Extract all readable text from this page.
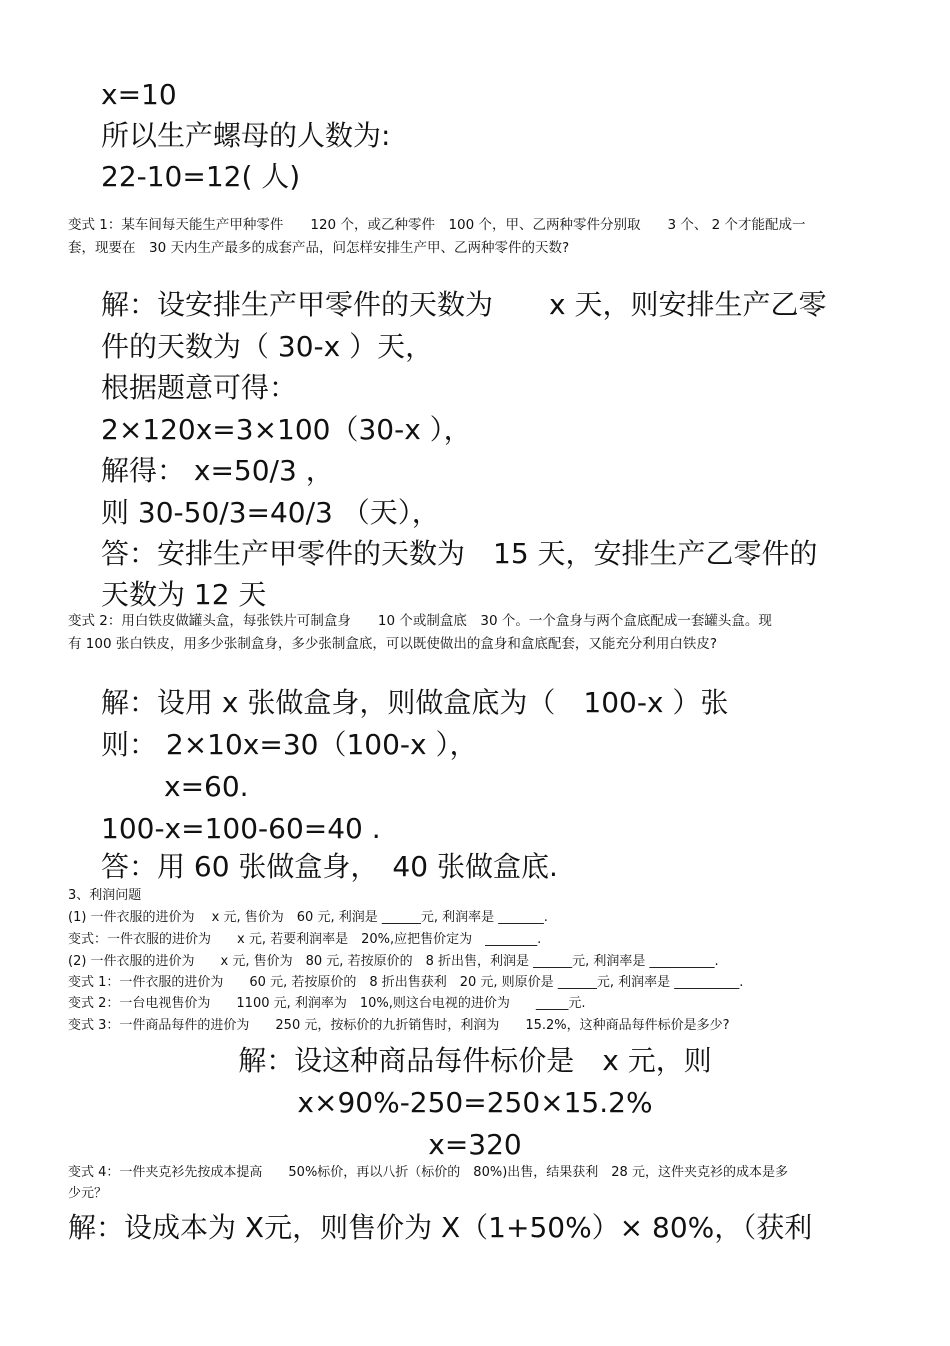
x=10
所以生产螺母的人数为:
22-10=12( 人)
变式 1：某车间每天能生产甲种零件　　120 个，或乙种零件　100 个，甲、乙两种零件分别取　　3 个、 2 个才能配成一
套，现要在　30 天内生产最多的成套产品，问怎样安排生产甲、乙两种零件的天数?
解：设安排生产甲零件的天数为　　x 天，则安排生产乙零
件的天数为（ 30-x ）天，
根据题意可得：
2×120x=3×100（30-x ），
解得： x=50/3 ，
则 30-50/3=40/3 （天），
答：安排生产甲零件的天数为　15 天，安排生产乙零件的
天数为 12 天
变式 2：用白铁皮做罐头盒，每张铁片可制盒身　　10 个或制盒底　30 个。一个盒身与两个盒底配成一套罐头盒。现
有 100 张白铁皮，用多少张制盒身，多少张制盒底，可以既使做出的盒身和盒底配套，又能充分利用白铁皮?
解：设用 x 张做盒身，则做盒底为（　100-x ）张
则： 2×10x=30（100-x ），
x=60.
100-x=100-60=40 .
答：用 60 张做盒身，　40 张做盒底.
3、利润问题
(1) 一件衣服的进价为　 x 元, 售价为　60 元, 利润是 ______元, 利润率是 _______.
变式：一件衣服的进价为　　x 元, 若要利润率是　20%,应把售价定为　________.
(2) 一件衣服的进价为　　x 元, 售价为　80 元, 若按原价的　8 折出售，利润是 ______元, 利润率是 __________.
变式 1：一件衣服的进价为　　60 元, 若按原价的　8 折出售获利　20 元, 则原价是 ______元, 利润率是 __________.
变式 2：一台电视售价为　　1100 元, 利润率为　10%,则这台电视的进价为　　_____元.
变式 3：一件商品每件的进价为　　250 元，按标价的九折销售时，利润为　　15.2%，这种商品每件标价是多少?
解：设这种商品每件标价是　x 元，则
x×90%-250=250×15.2%
x=320
变式 4：一件夹克衫先按成本提高　　50%标价，再以八折（标价的　80%)出售，结果获利　28 元，这件夹克衫的成本是多
少元？
解：设成本为 X元，则售价为 X（1+50%）× 80%，（获利
